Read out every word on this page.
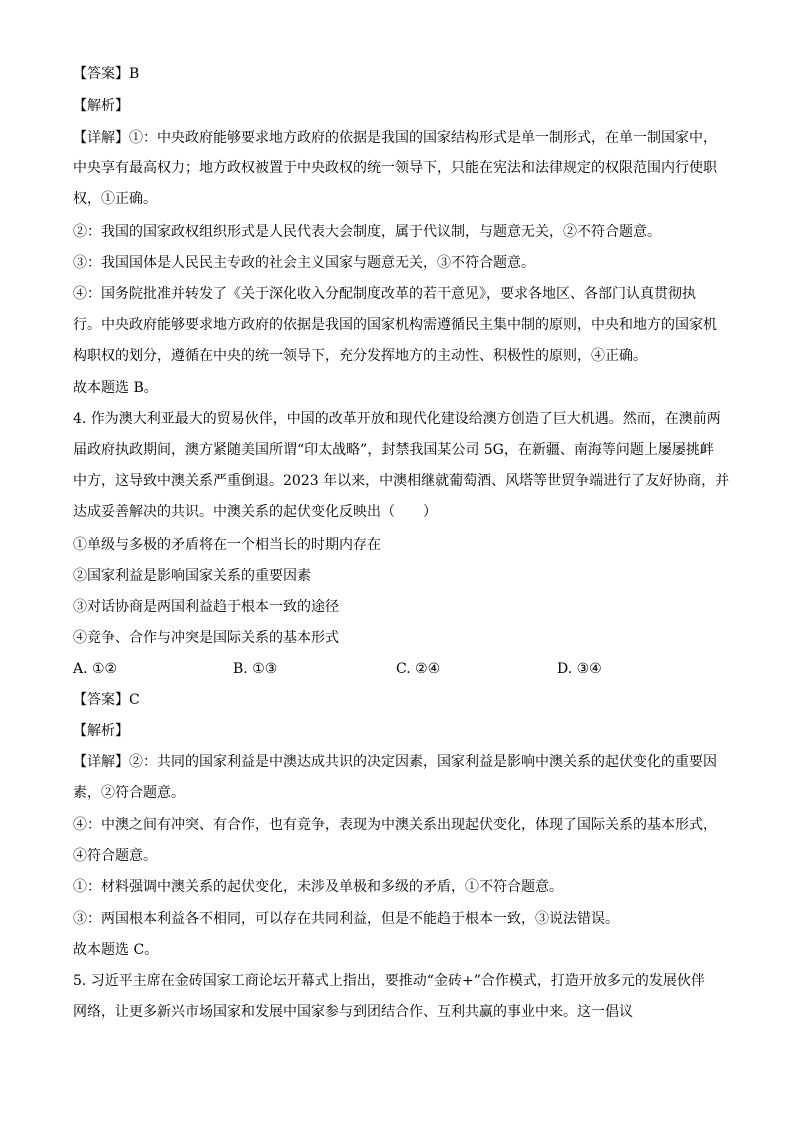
【答案】B
【解析】
【详解】①：中央政府能够要求地方政府的依据是我国的国家结构形式是单一制形式，在单一制国家中，
中央享有最高权力；地方政权被置于中央政权的统一领导下，只能在宪法和法律规定的权限范围内行使职
权，①正确。
②：我国的国家政权组织形式是人民代表大会制度，属于代议制，与题意无关，②不符合题意。
③：我国国体是人民民主专政的社会主义国家与题意无关，③不符合题意。
④：国务院批准并转发了《关于深化收入分配制度改革的若干意见》，要求各地区、各部门认真贯彻执
行。中央政府能够要求地方政府的依据是我国的国家机构需遵循民主集中制的原则，中央和地方的国家机
构职权的划分，遵循在中央的统一领导下，充分发挥地方的主动性、积极性的原则，④正确。
故本题选 B。
4. 作为澳大利亚最大的贸易伙伴，中国的改革开放和现代化建设给澳方创造了巨大机遇。然而，在澳前两
届政府执政期间，澳方紧随美国所谓“印太战略”，封禁我国某公司 5G，在新疆、南海等问题上屡屡挑衅
中方，这导致中澳关系严重倒退。2023 年以来，中澳相继就葡萄酒、风塔等世贸争端进行了友好协商，并
达成妥善解决的共识。中澳关系的起伏变化反映出（　　）
①单级与多极的矛盾将在一个相当长的时期内存在
②国家利益是影响国家关系的重要因素
③对话协商是两国利益趋于根本一致的途径
④竞争、合作与冲突是国际关系的基本形式
A. ①②	B. ①③	C. ②④	D. ③④
【答案】C
【解析】
【详解】②：共同的国家利益是中澳达成共识的决定因素，国家利益是影响中澳关系的起伏变化的重要因
素，②符合题意。
④：中澳之间有冲突、有合作，也有竞争，表现为中澳关系出现起伏变化，体现了国际关系的基本形式，
④符合题意。
①：材料强调中澳关系的起伏变化，未涉及单极和多级的矛盾，①不符合题意。
③：两国根本利益各不相同，可以存在共同利益，但是不能趋于根本一致，③说法错误。
故本题选 C。
5. 习近平主席在金砖国家工商论坛开幕式上指出，要推动“金砖+”合作模式，打造开放多元的发展伙伴
网络，让更多新兴市场国家和发展中国家参与到团结合作、互利共赢的事业中来。这一倡议
